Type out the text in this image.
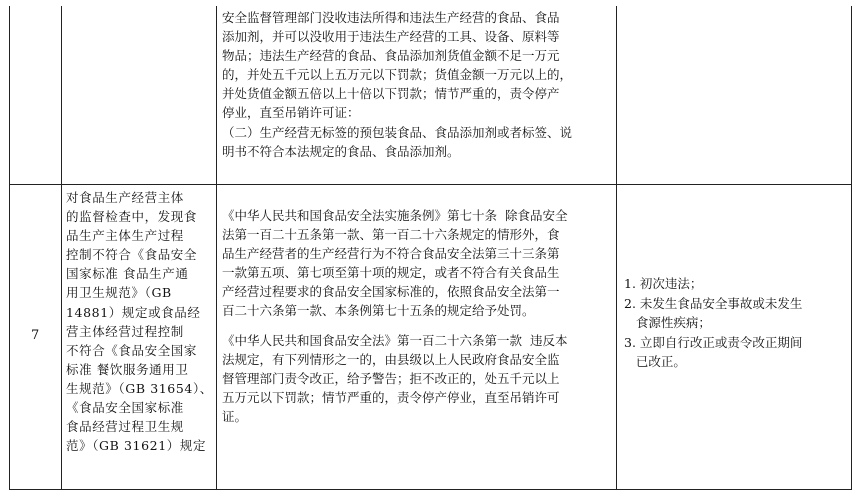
安全监督管理部门没收违法所得和违法生产经营的食品、食品

添加剂，并可以没收用于违法生产经营的工具、设备、原料等

物品；违法生产经营的食品、食品添加剂货值金额不足一万元

的，并处五千元以上五万元以下罚款；货值金额一万元以上的，

并处货值金额五倍以上十倍以下罚款；情节严重的，责令停产

停业，直至吊销许可证：

（二）生产经营无标签的预包装食品、食品添加剂或者标签、说

明书不符合本法规定的食品、食品添加剂。

7

对食品生产经营主体

的监督检查中，发现食

品生产主体生产过程

控制不符合《食品安全

国家标准 食品生产通

用卫生规范》（GB

14881）规定或食品经

营主体经营过程控制

不符合《食品安全国家

标准 餐饮服务通用卫

生规范》（GB 31654）、

《食品安全国家标准

食品经营过程卫生规

范》（GB 31621）规定

《中华人民共和国食品安全法实施条例》第七十条  除食品安全

法第一百二十五条第一款、第一百二十六条规定的情形外，食

品生产经营者的生产经营行为不符合食品安全法第三十三条第

一款第五项、第七项至第十项的规定，或者不符合有关食品生

产经营过程要求的食品安全国家标准的，依照食品安全法第一

百二十六条第一款、本条例第七十五条的规定给予处罚。

《中华人民共和国食品安全法》第一百二十六条第一款  违反本

法规定，有下列情形之一的，由县级以上人民政府食品安全监

督管理部门责令改正，给予警告；拒不改正的，处五千元以上

五万元以下罚款；情节严重的，责令停产停业，直至吊销许可

证。

1. 初次违法；

2. 未发生食品安全事故或未发生

食源性疾病；

3. 立即自行改正或责令改正期间

已改正。
